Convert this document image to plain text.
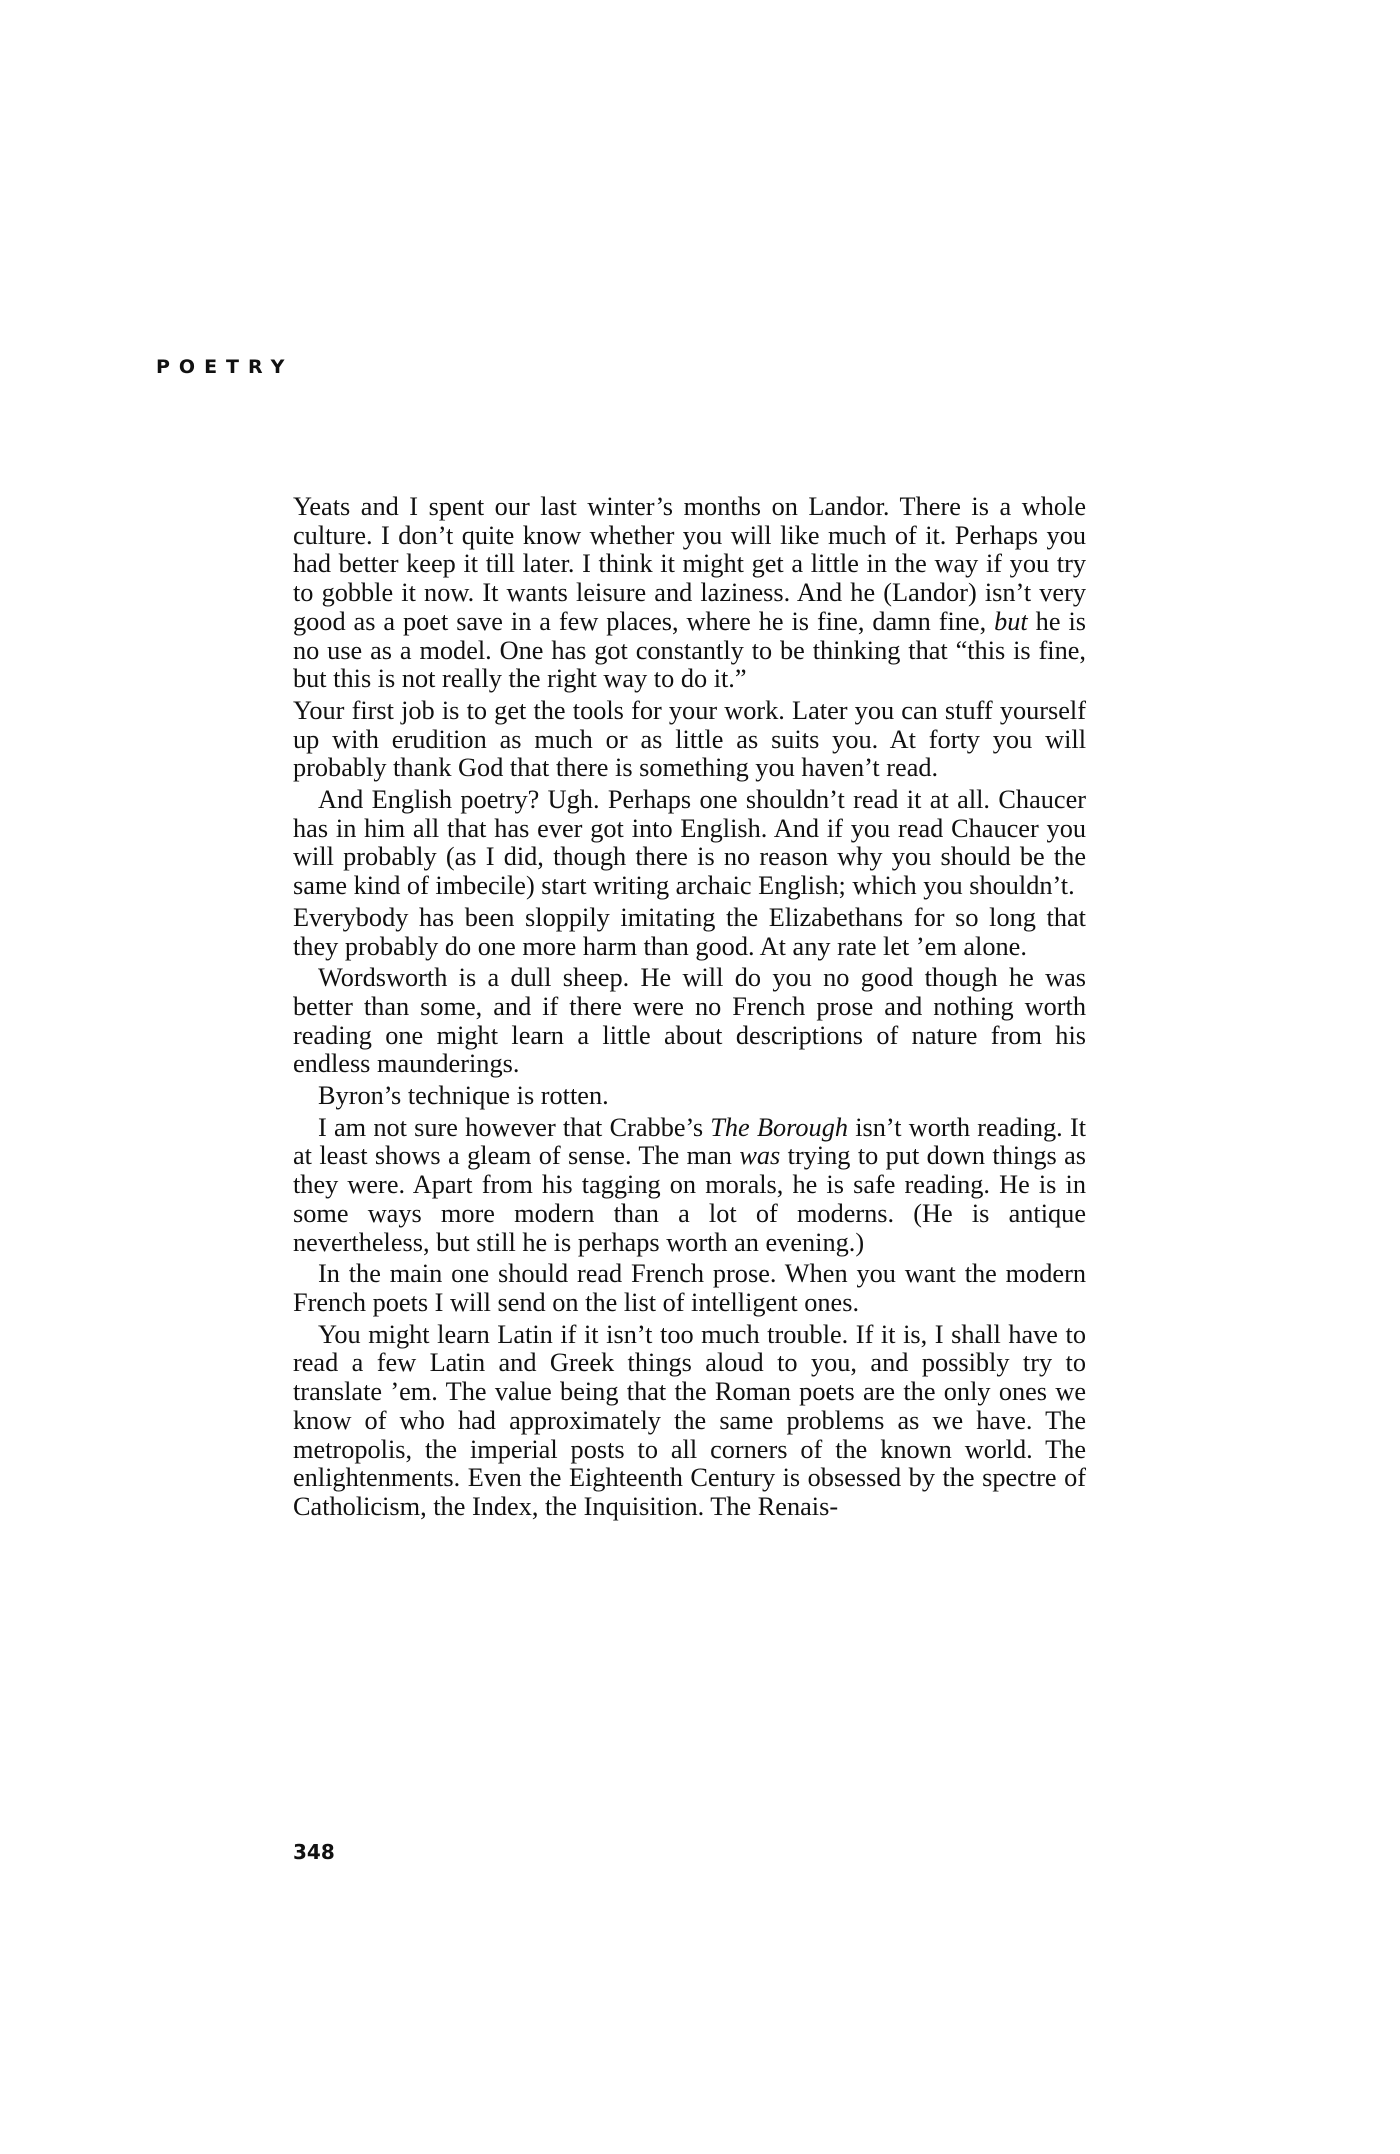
POETRY

Yeats and I spent our last winter’s months on Landor. There is a whole culture. I don’t quite know whether you will like much of it. Perhaps you had better keep it till later. I think it might get a little in the way if you try to gobble it now. It wants leisure and laziness. And he (Landor) isn’t very good as a poet save in a few places, where he is fine, damn fine, but he is no use as a model. One has got constantly to be thinking that “this is fine, but this is not really the right way to do it.”

Your first job is to get the tools for your work. Later you can stuff yourself up with erudition as much or as little as suits you. At forty you will probably thank God that there is something you haven’t read.

And English poetry? Ugh. Perhaps one shouldn’t read it at all. Chaucer has in him all that has ever got into English. And if you read Chaucer you will probably (as I did, though there is no reason why you should be the same kind of imbecile) start writing archaic English; which you shouldn’t.

Everybody has been sloppily imitating the Elizabethans for so long that they probably do one more harm than good. At any rate let ’em alone.

Wordsworth is a dull sheep. He will do you no good though he was better than some, and if there were no French prose and nothing worth reading one might learn a little about descriptions of nature from his endless maunderings.

Byron’s technique is rotten.

I am not sure however that Crabbe’s The Borough isn’t worth reading. It at least shows a gleam of sense. The man was trying to put down things as they were. Apart from his tagging on morals, he is safe reading. He is in some ways more modern than a lot of moderns. (He is antique nevertheless, but still he is perhaps worth an evening.)

In the main one should read French prose. When you want the modern French poets I will send on the list of intelligent ones.

You might learn Latin if it isn’t too much trouble. If it is, I shall have to read a few Latin and Greek things aloud to you, and possibly try to translate ’em. The value being that the Roman poets are the only ones we know of who had approximately the same problems as we have. The metropolis, the imperial posts to all corners of the known world. The enlightenments. Even the Eighteenth Century is obsessed by the spectre of Catholicism, the Index, the Inquisition. The Renais-

348
